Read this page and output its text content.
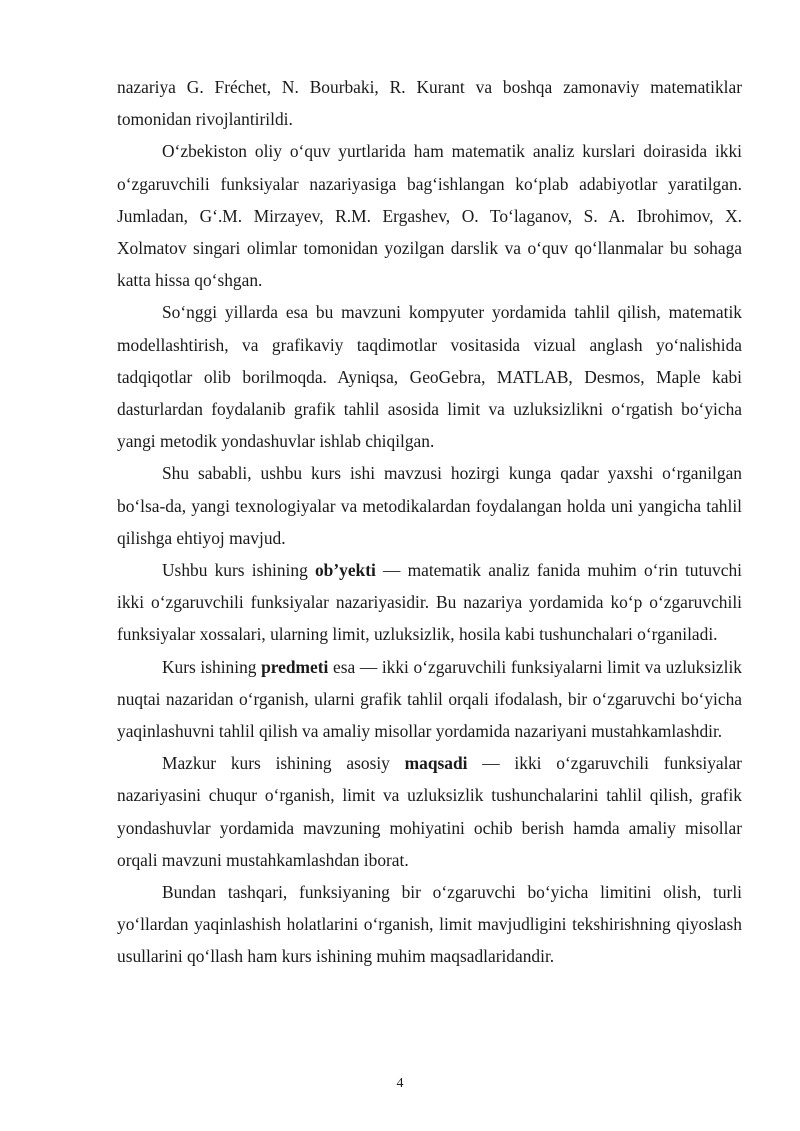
nazariya G. Fréchet, N. Bourbaki, R. Kurant va boshqa zamonaviy matematiklar tomonidan rivojlantirildi.

O‘zbekiston oliy o‘quv yurtlarida ham matematik analiz kurslari doirasida ikki o‘zgaruvchili funksiyalar nazariyasiga bag‘ishlangan ko‘plab adabiyotlar yaratilgan. Jumladan, G‘.M. Mirzayev, R.M. Ergashev, O. To‘laganov, S. A. Ibrohimov, X. Xolmatov singari olimlar tomonidan yozilgan darslik va o‘quv qo‘llanmalar bu sohaga katta hissa qo‘shgan.

So‘nggi yillarda esa bu mavzuni kompyuter yordamida tahlil qilish, matematik modellashtirish, va grafikaviy taqdimotlar vositasida vizual anglash yo‘nalishida tadqiqotlar olib borilmoqda. Ayniqsa, GeoGebra, MATLAB, Desmos, Maple kabi dasturlardan foydalanib grafik tahlil asosida limit va uzluksizlikni o‘rgatish bo‘yicha yangi metodik yondashuvlar ishlab chiqilgan.

Shu sababli, ushbu kurs ishi mavzusi hozirgi kunga qadar yaxshi o‘rganilgan bo‘lsa-da, yangi texnologiyalar va metodikalardan foydalangan holda uni yangicha tahlil qilishga ehtiyoj mavjud.

Ushbu kurs ishining ob’yekti — matematik analiz fanida muhim o‘rin tutuvchi ikki o‘zgaruvchili funksiyalar nazariyasidir. Bu nazariya yordamida ko‘p o‘zgaruvchili funksiyalar xossalari, ularning limit, uzluksizlik, hosila kabi tushunchalari o‘rganiladi.

Kurs ishining predmeti esa — ikki o‘zgaruvchili funksiyalarni limit va uzluksizlik nuqtai nazaridan o‘rganish, ularni grafik tahlil orqali ifodalash, bir o‘zgaruvchi bo‘yicha yaqinlashuvni tahlil qilish va amaliy misollar yordamida nazariyani mustahkamlashdir.

Mazkur kurs ishining asosiy maqsadi — ikki o‘zgaruvchili funksiyalar nazariyasini chuqur o‘rganish, limit va uzluksizlik tushunchalarini tahlil qilish, grafik yondashuvlar yordamida mavzuning mohiyatini ochib berish hamda amaliy misollar orqali mavzuni mustahkamlashdan iborat.

Bundan tashqari, funksiyaning bir o‘zgaruvchi bo‘yicha limitini olish, turli yo‘llardan yaqinlashish holatlarini o‘rganish, limit mavjudligini tekshirishning qiyoslash usullarini qo‘llash ham kurs ishining muhim maqsadlaridandir.

4
